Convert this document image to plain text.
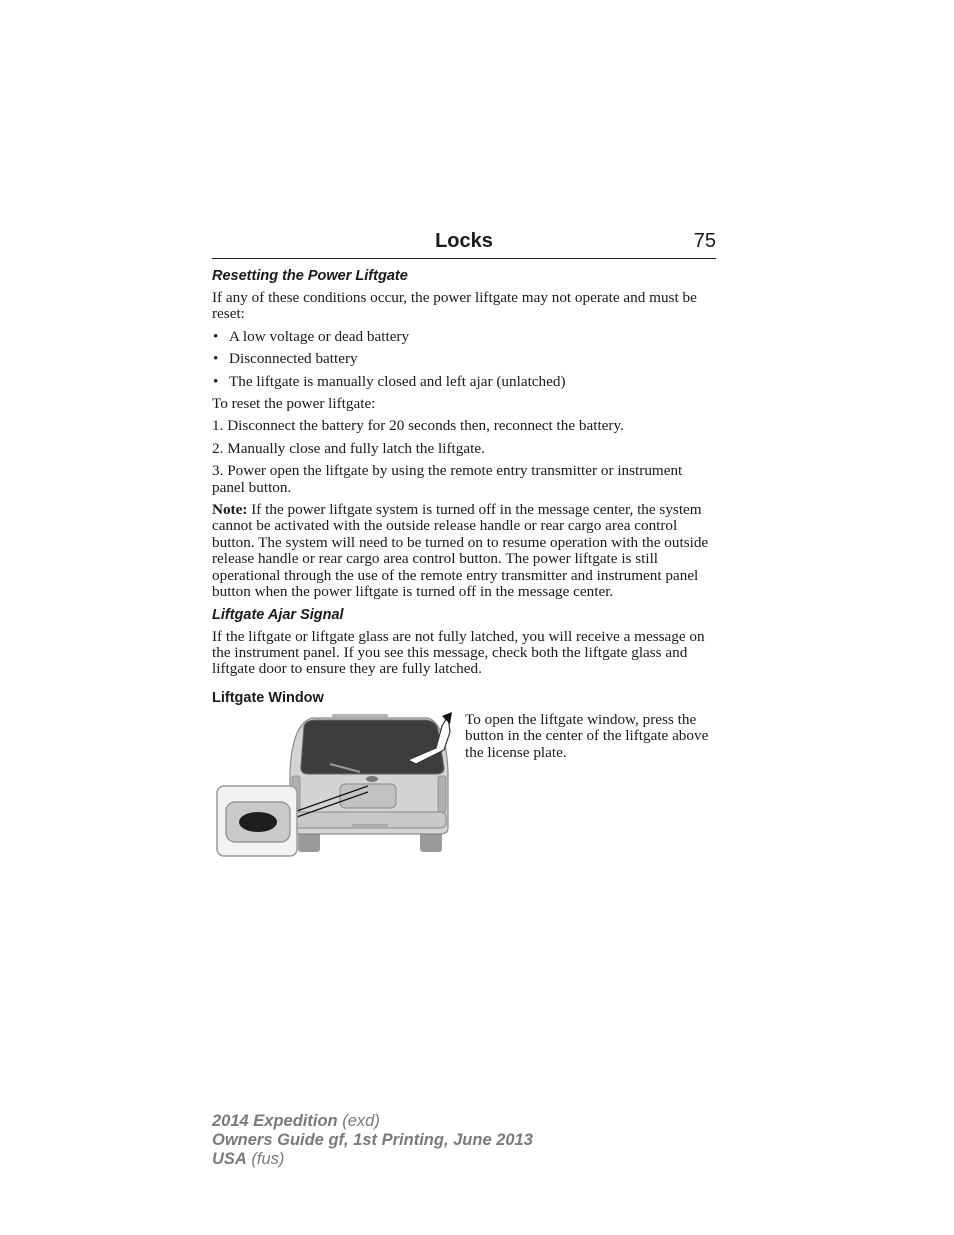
Locks	75
Resetting the Power Liftgate

If any of these conditions occur, the power liftgate may not operate and must be reset:

• A low voltage or dead battery
• Disconnected battery
• The liftgate is manually closed and left ajar (unlatched)

To reset the power liftgate:

1. Disconnect the battery for 20 seconds then, reconnect the battery.

2. Manually close and fully latch the liftgate.

3. Power open the liftgate by using the remote entry transmitter or instrument panel button.

Note: If the power liftgate system is turned off in the message center, the system cannot be activated with the outside release handle or rear cargo area control button. The system will need to be turned on to resume operation with the outside release handle or rear cargo area control button. The power liftgate is still operational through the use of the remote entry transmitter and instrument panel button when the power liftgate is turned off in the message center.

Liftgate Ajar Signal

If the liftgate or liftgate glass are not fully latched, you will receive a message on the instrument panel. If you see this message, check both the liftgate glass and liftgate door to ensure they are fully latched.

Liftgate Window

To open the liftgate window, press the button in the center of the liftgate above the license plate.

2014 Expedition (exd)
Owners Guide gf, 1st Printing, June 2013
USA (fus)
